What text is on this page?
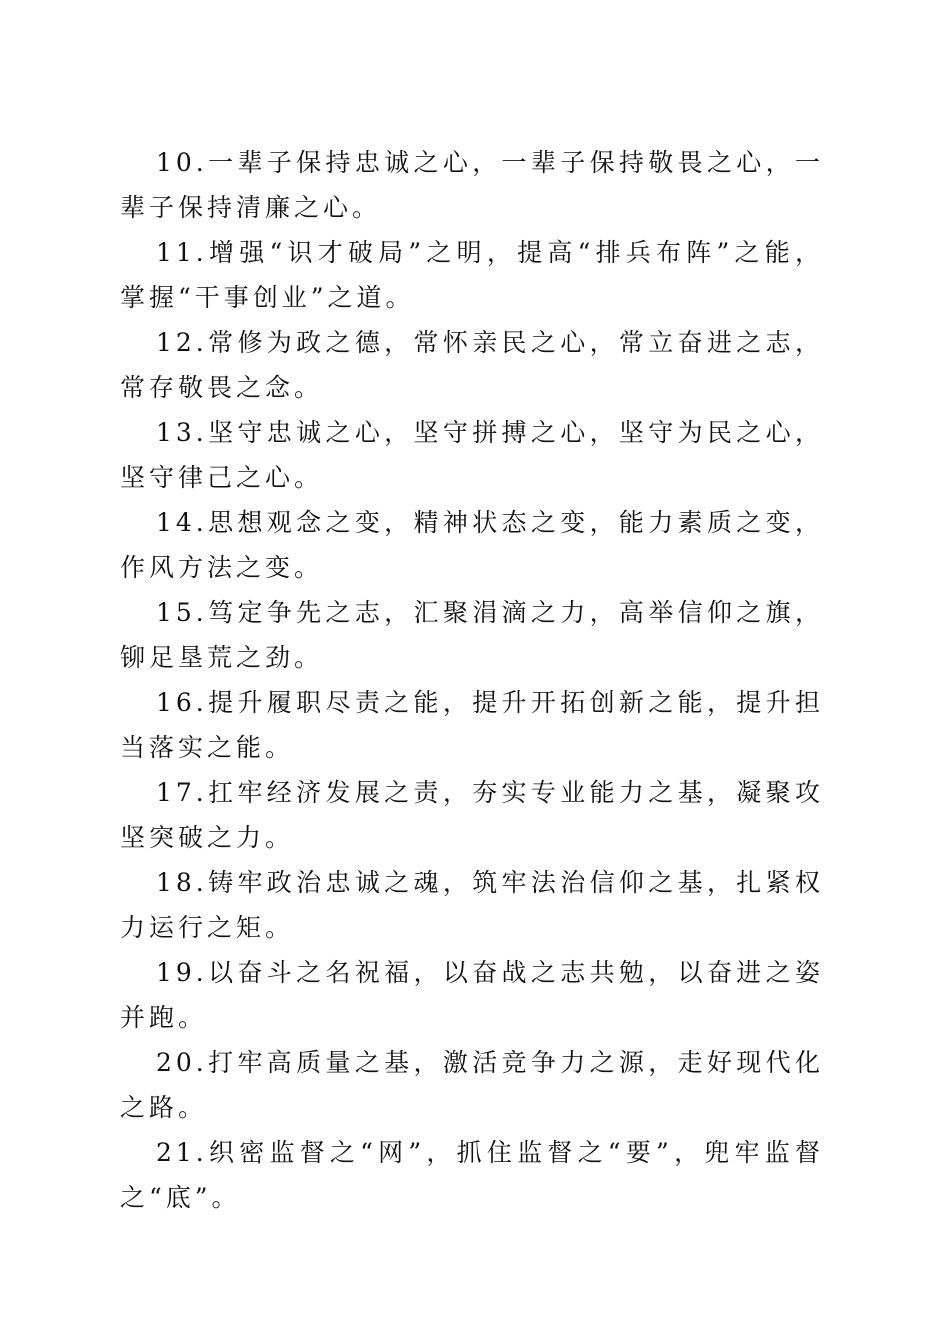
10.一辈子保持忠诚之心，一辈子保持敬畏之心，一辈子保持清廉之心。

11.增强“识才破局”之明，提高“排兵布阵”之能，掌握“干事创业”之道。

12.常修为政之德，常怀亲民之心，常立奋进之志，常存敬畏之念。

13.坚守忠诚之心，坚守拼搏之心，坚守为民之心，坚守律己之心。

14.思想观念之变，精神状态之变，能力素质之变，作风方法之变。

15.笃定争先之志，汇聚涓滴之力，高举信仰之旗，铆足垦荒之劲。

16.提升履职尽责之能，提升开拓创新之能，提升担当落实之能。

17.扛牢经济发展之责，夯实专业能力之基，凝聚攻坚突破之力。

18.铸牢政治忠诚之魂，筑牢法治信仰之基，扎紧权力运行之矩。

19.以奋斗之名祝福，以奋战之志共勉，以奋进之姿并跑。

20.打牢高质量之基，激活竞争力之源，走好现代化之路。

21.织密监督之“网”，抓住监督之“要”，兜牢监督之“底”。
